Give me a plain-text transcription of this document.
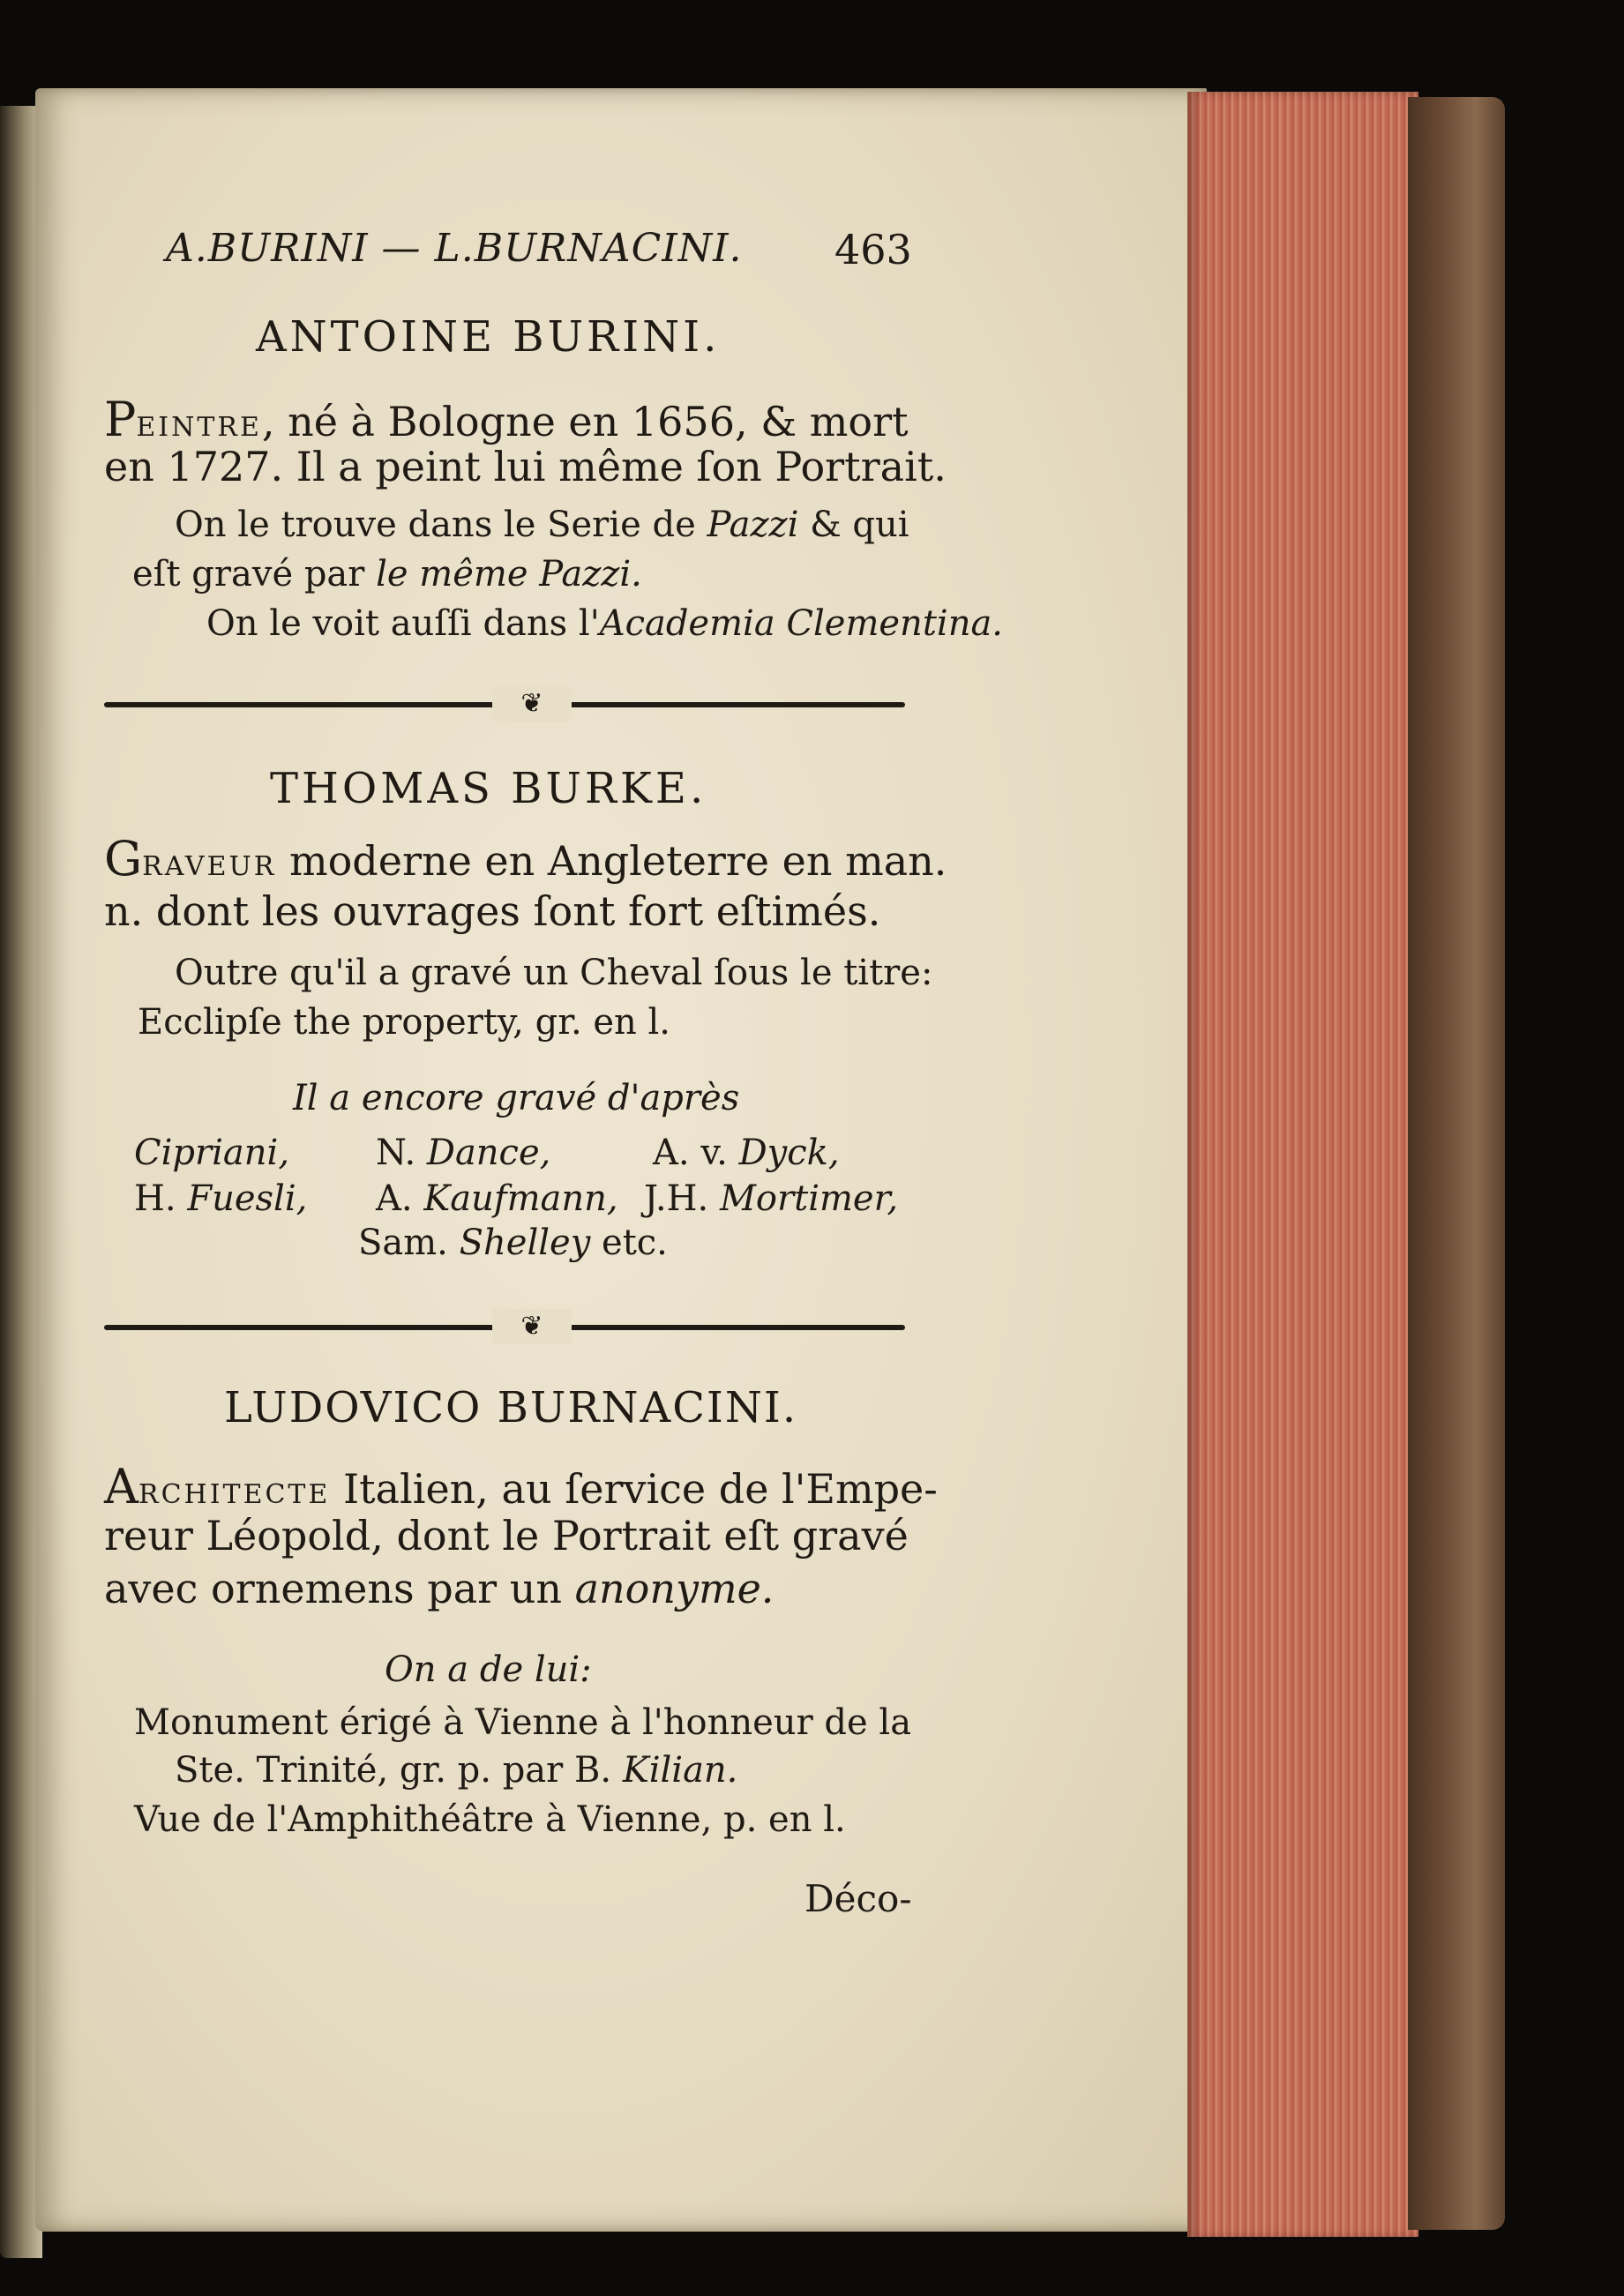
A.BURINI — L.BURNACINI. 463
ANTOINE BURINI.
PEINTRE, né à Bologne en 1656, & mort
en 1727. Il a peint lui même ſon Portrait.
On le trouve dans le Serie de Pazzi & qui
eſt gravé par le même Pazzi.
On le voit auſſi dans l'Academia Clementina.
❦
THOMAS BURKE.
GRAVEUR moderne en Angleterre en man.
n. dont les ouvrages ſont fort eſtimés.
Outre qu'il a gravé un Cheval ſous le titre:
Ecclipſe the property, gr. en l.
Il a encore gravé d'après
Cipriani, N. Dance,	A. v. Dyck,
H. Fuesli, A. Kaufmann, J.H. Mortimer,
Sam. Shelley etc.
❦
LUDOVICO BURNACINI.
ARCHITECTE Italien, au ſervice de l'Empe-
reur Léopold, dont le Portrait eſt gravé
avec ornemens par un anonyme.
On a de lui:
Monument érigé à Vienne à l'honneur de la
Ste. Trinité, gr. p. par B. Kilian.
Vue de l'Amphithéâtre à Vienne, p. en l.
Déco-
